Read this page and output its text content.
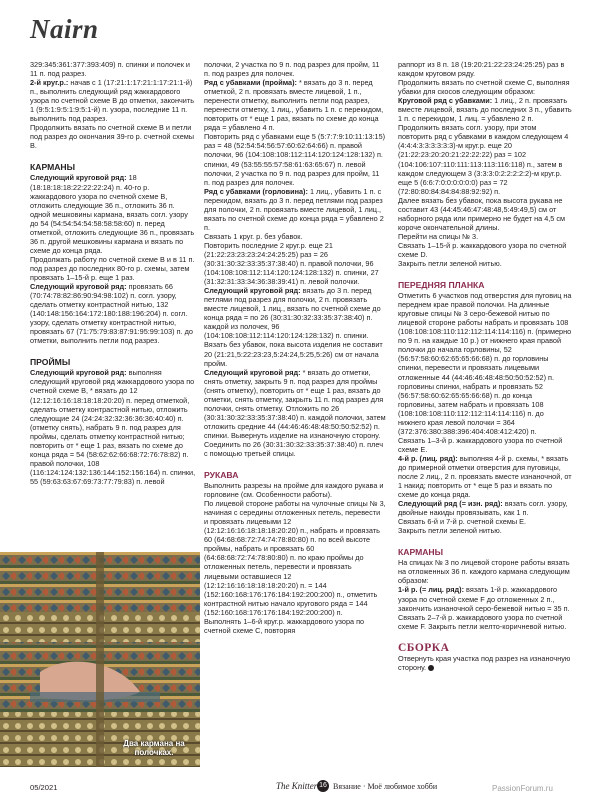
Nairn

329:345:361:377:393:409) п. спинки и полочек и 11 п. под разрез.

2-й круг.р.: начав с 1 (17:21:1:17:21:1:17:21:1-й) п., выполнить следующий ряд жаккардового узора по счетной схеме В до отметки, закончить 1 (9:5:1:9:5:1:9:5:1-й) п. узора, последние 11 п. выполнить под разрез.

Продолжить вязать по счетной схеме В и петли под разрез до окончания 39-го р. счетной схемы В.

КАРМАНЫ

Следующий круговой ряд: 18 (18:18:18:18:22:22:22:24) п. 40-го р. жаккардового узора по счетной схеме В, отложить следующие 36 п., отложить 36 п. одной мешковины кармана, вязать согл. узору до 54 (54:54:54:54:58:58:58:60) п. перед отметкой, отложить следующие 36 п., провязать 36 п. другой мешковины кармана и вязать по схеме до конца ряда.

Продолжать работу по счетной схеме В и в 11 п. под разрез до последних 80-го р. схемы, затем провязать 1–15-й р. еще 1 раз.

Следующий круговой ряд: провязать 66 (70:74:78:82:86:90:94:98:102) п. согл. узору, сделать отметку контрастной нитью, 132 (140:148:156:164:172:180:188:196:204) п. согл. узору, сделать отметку контрастной нитью, провязать 67 (71:75:79:83:87:91:95:99:103) п. до отметки, выполнить петли под разрез.

ПРОЙМЫ

Следующий круговой ряд: выполняя следующий круговой ряд жаккардового узора по счетной схеме В, * вязать до 12 (12:12:16:16:18:18:18:20:20) п. перед отметкой, сделать отметку контрастной нитью, отложить следующие 24 (24:24:32:32:36:36:36:40:40) п. (отметку снять), набрать 9 п. под разрез для проймы, сделать отметку контрастной нитью; повторить от * еще 1 раз, вязать по схеме до конца ряда = 54 (58:62:62:66:68:72:76:78:82) п. правой полочки, 108 (116:124:124:132:136:144:152:156:164) п. спинки, 55 (59:63:63:67:69:73:77:79:83) п. левой

Два кармана на полочках.

полочки, 2 участка по 9 п. под разрез для пройм, 11 п. под разрез для полочек.

Ряд с убавками (пройма): * вязать до 3 п. перед отметкой, 2 п. провязать вместе лицевой, 1 п., перенести отметку, выполнить петли под разрез, перенести отметку, 1 лиц., убавить 1 п. с перекидом, повторить от * еще 1 раз, вязать по схеме до конца ряда = убавлено 4 п.

Повторить ряд с убавками еще 5 (5:7:7:9:10:11:13:15) раз = 48 (52:54:54:56:57:60:62:64:66) п. правой полочки, 96 (104:108:108:112:114:120:124:128:132) п. спинки, 49 (53:55:55:57:58:61:63:65:67) п. левой полочки, 2 участка по 9 п. под разрез для пройм, 11 п. под разрез для полочек.

Ряд с убавками (горловина): 1 лиц., убавить 1 п. с перекидом, вязать до 3 п. перед петлями под разрез для полочки, 2 п. провязать вместе лицевой, 1 лиц., вязать по счетной схеме до конца ряда = убавлено 2 п.

Связать 1 круг. р. без убавок.

Повторить последние 2 круг.р. еще 21 (21:22:23:23:23:24:24:25:25) раз = 26 (30:31:30:32:33:35:37:38:40) п. правой полочки, 96 (104:108:108:112:114:120:124:128:132) п. спинки, 27 (31:32:31:33:34:36:38:39:41) п. левой полочки.

Следующий круговой ряд: вязать до 3 п. перед петлями под разрез для полочки, 2 п. провязать вместе лицевой, 1 лиц., вязать по счетной схеме до конца ряда = по 26 (30:31:30:32:33:35:37:38:40) п. каждой из полочек, 96 (104:108:108:112:114:120:124:128:132) п. спинки.

Вязать без убавок, пока высота изделия не составит 20 (21:21,5:22:23:23,5:24:24,5:25,5:26) см от начала пройм.

Следующий круговой ряд: * вязать до отметки, снять отметку, закрыть 9 п. под разрез для проймы (снять отметку), повторить от * еще 1 раз, вязать до отметки, снять отметку, закрыть 11 п. под разрез для полочки, снять отметку. Отложить по 26 (30:31:30:32:33:35:37:38:40) п. каждой полочки, затем отложить средние 44 (44:46:46:48:48:50:50:52:52) п. спинки. Вывернуть изделие на изнаночную сторону.

Соединить по 26 (30:31:30:32:33:35:37:38:40) п. плеч с помощью третьей спицы.

РУКАВА

Выполнить разрезы на пройме для каждого рукава и горловине (см. Особенности работы).

По лицевой стороне работы на чулочные спицы № 3, начиная с середины отложенных петель, перевести и провязать лицевыми 12 (12:12:16:16:18:18:18:20:20) п., набрать и провязать 60 (64:68:68:72:74:74:78:80:80) п. по всей высоте проймы, набрать и провязать 60 (64:68:68:72:74:78:80:80) п. по краю проймы до отложенных петель, перевести и провязать лицевыми оставшиеся 12 (12:12:16:16:18:18:18:20:20) п. = 144 (152:160:168:176:176:184:192:200:200) п., отметить контрастной нитью начало кругового ряда = 144 (152:160:168:176:176:184:192:200:200) п.

Выполнять 1–6-й круг.р. жаккардового узора по счетной схеме С, повторяя

раппорт из 8 п. 18 (19:20:21:22:23:24:25:25) раз в каждом круговом ряду.

Продолжить вязать по счетной схеме С, выполняя убавки для скосов следующим образом:

Круговой ряд с убавками: 1 лиц., 2 п. провязать вместе лицевой, вязать до последних 3 п., убавить 1 п. с перекидом, 1 лиц. = убавлено 2 п.

Продолжить вязать согл. узору, при этом повторить ряд с убавками в каждом следующем 4 (4:4:4:3:3:3:3:3:3)-м круг.р. еще 20 (21:22:23:20:20:21:22:22:22) раз = 102 (104:106:107:110:111:113:113:116:118) п., затем в каждом следующем 3 (3:3:3:0:2:2:2:2:2)-м круг.р. еще 5 (6:6:7:0:0:0:0:0:0) раз = 72 (72:80:80:84:84:84:88:92:92) п.

Далее вязать без убавок, пока высота рукава не составит 43 (44:45:46:47:48:48,5:49:49,5) см от наборного ряда или примерно не будет на 4,5 см короче окончательной длины.

Перейти на спицы № 3.

Связать 1–15-й р. жаккардового узора по счетной схеме D.

Закрыть петли зеленой нитью.

ПЕРЕДНЯЯ ПЛАНКА

Отметить 6 участков под отверстия для пуговиц на переднем крае правой полочки. На длинные круговые спицы № 3 серо-бежевой нитью по лицевой стороне работы набрать и провязать 108 (108:108:108:110:112:112:114:114:116) п. (примерно по 9 п. на каждые 10 р.) от нижнего края правой полочки до начала горловины, 52 (56:57:58:60:62:65:65:66:68) п. до горловины спинки, перевести и провязать лицевыми отложенные 44 (44:46:46:48:48:50:50:52:52) п. горловины спинки, набрать и провязать 52 (56:57:58:60:62:65:65:66:68) п. до конца горловины, затем набрать и провязать 108 (108:108:108:110:112:112:114:114:116) п. до нижнего края левой полочки = 364 (372:376:380:388:396:404:408:412:420) п.

Связать 1–3-й р. жаккардового узора по счетной схеме Е.

4-й р. (лиц. ряд): выполняя 4-й р. схемы, * вязать до примерной отметки отверстия для пуговицы, после 2 лиц., 2 п. провязать вместе изнаночной, от 1 накид; повторить от * еще 5 раз и вязать по схеме до конца ряда.

Следующий ряд (= изн. ряд): вязать согл. узору, двойные накиды провязывать, как 1 п.

Связать 6-й и 7-й р. счетной схемы Е.

Закрыть петли зеленой нитью.

КАРМАНЫ

На спицах № 3 по лицевой стороне работы вязать на отложенных 36 п. каждого кармана следующим образом:

1-й р. (= лиц. ряд): вязать 1-й р. жаккардового узора по счетной схеме F до отложенных 2 п., закончить изнаночной серо-бежевой нитью = 35 п. Связать 2–7-й р. жаккардового узора по счетной схеме F. Закрыть петли желто-коричневой нитью.

СБОРКА

Отвернуть края участка под разрез на изнаночную сторону.

05/2021	The Knitter 16 Вязание · Моё любимое хобби	PassionForum.ru
